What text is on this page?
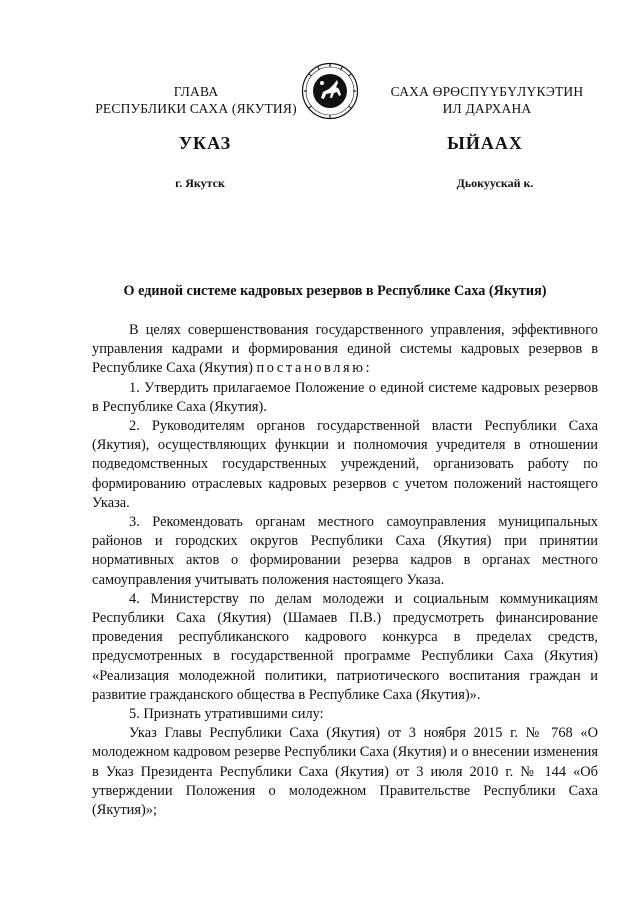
ГЛАВА
РЕСПУБЛИКИ САХА (ЯКУТИЯ)
САХА ӨРӨСПҮҮБҮЛҮКЭТИН
ИЛ ДАРХАНА
УКАЗ	ЫЙААХ
г. Якутск	Дьокуускай к.
О единой системе кадровых резервов в Республике Саха (Якутия)

В целях совершенствования государственного управления, эффективного управления кадрами и формирования единой системы кадровых резервов в Республике Саха (Якутия) постановляю:

1. Утвердить прилагаемое Положение о единой системе кадровых резервов в Республике Саха (Якутия).

2. Руководителям органов государственной власти Республики Саха (Якутия), осуществляющих функции и полномочия учредителя в отношении подведомственных государственных учреждений, организовать работу по формированию отраслевых кадровых резервов с учетом положений настоящего Указа.

3. Рекомендовать органам местного самоуправления муниципальных районов и городских округов Республики Саха (Якутия) при принятии нормативных актов о формировании резерва кадров в органах местного самоуправления учитывать положения настоящего Указа.

4. Министерству по делам молодежи и социальным коммуникациям Республики Саха (Якутия) (Шамаев П.В.) предусмотреть финансирование проведения республиканского кадрового конкурса в пределах средств, предусмотренных в государственной программе Республики Саха (Якутия) «Реализация молодежной политики, патриотического воспитания граждан и развитие гражданского общества в Республике Саха (Якутия)».

5. Признать утратившими силу:

Указ Главы Республики Саха (Якутия) от 3 ноября 2015 г. № 768 «О молодежном кадровом резерве Республики Саха (Якутия) и о внесении изменения в Указ Президента Республики Саха (Якутия) от 3 июля 2010 г. № 144 «Об утверждении Положения о молодежном Правительстве Республики Саха (Якутия)»;
